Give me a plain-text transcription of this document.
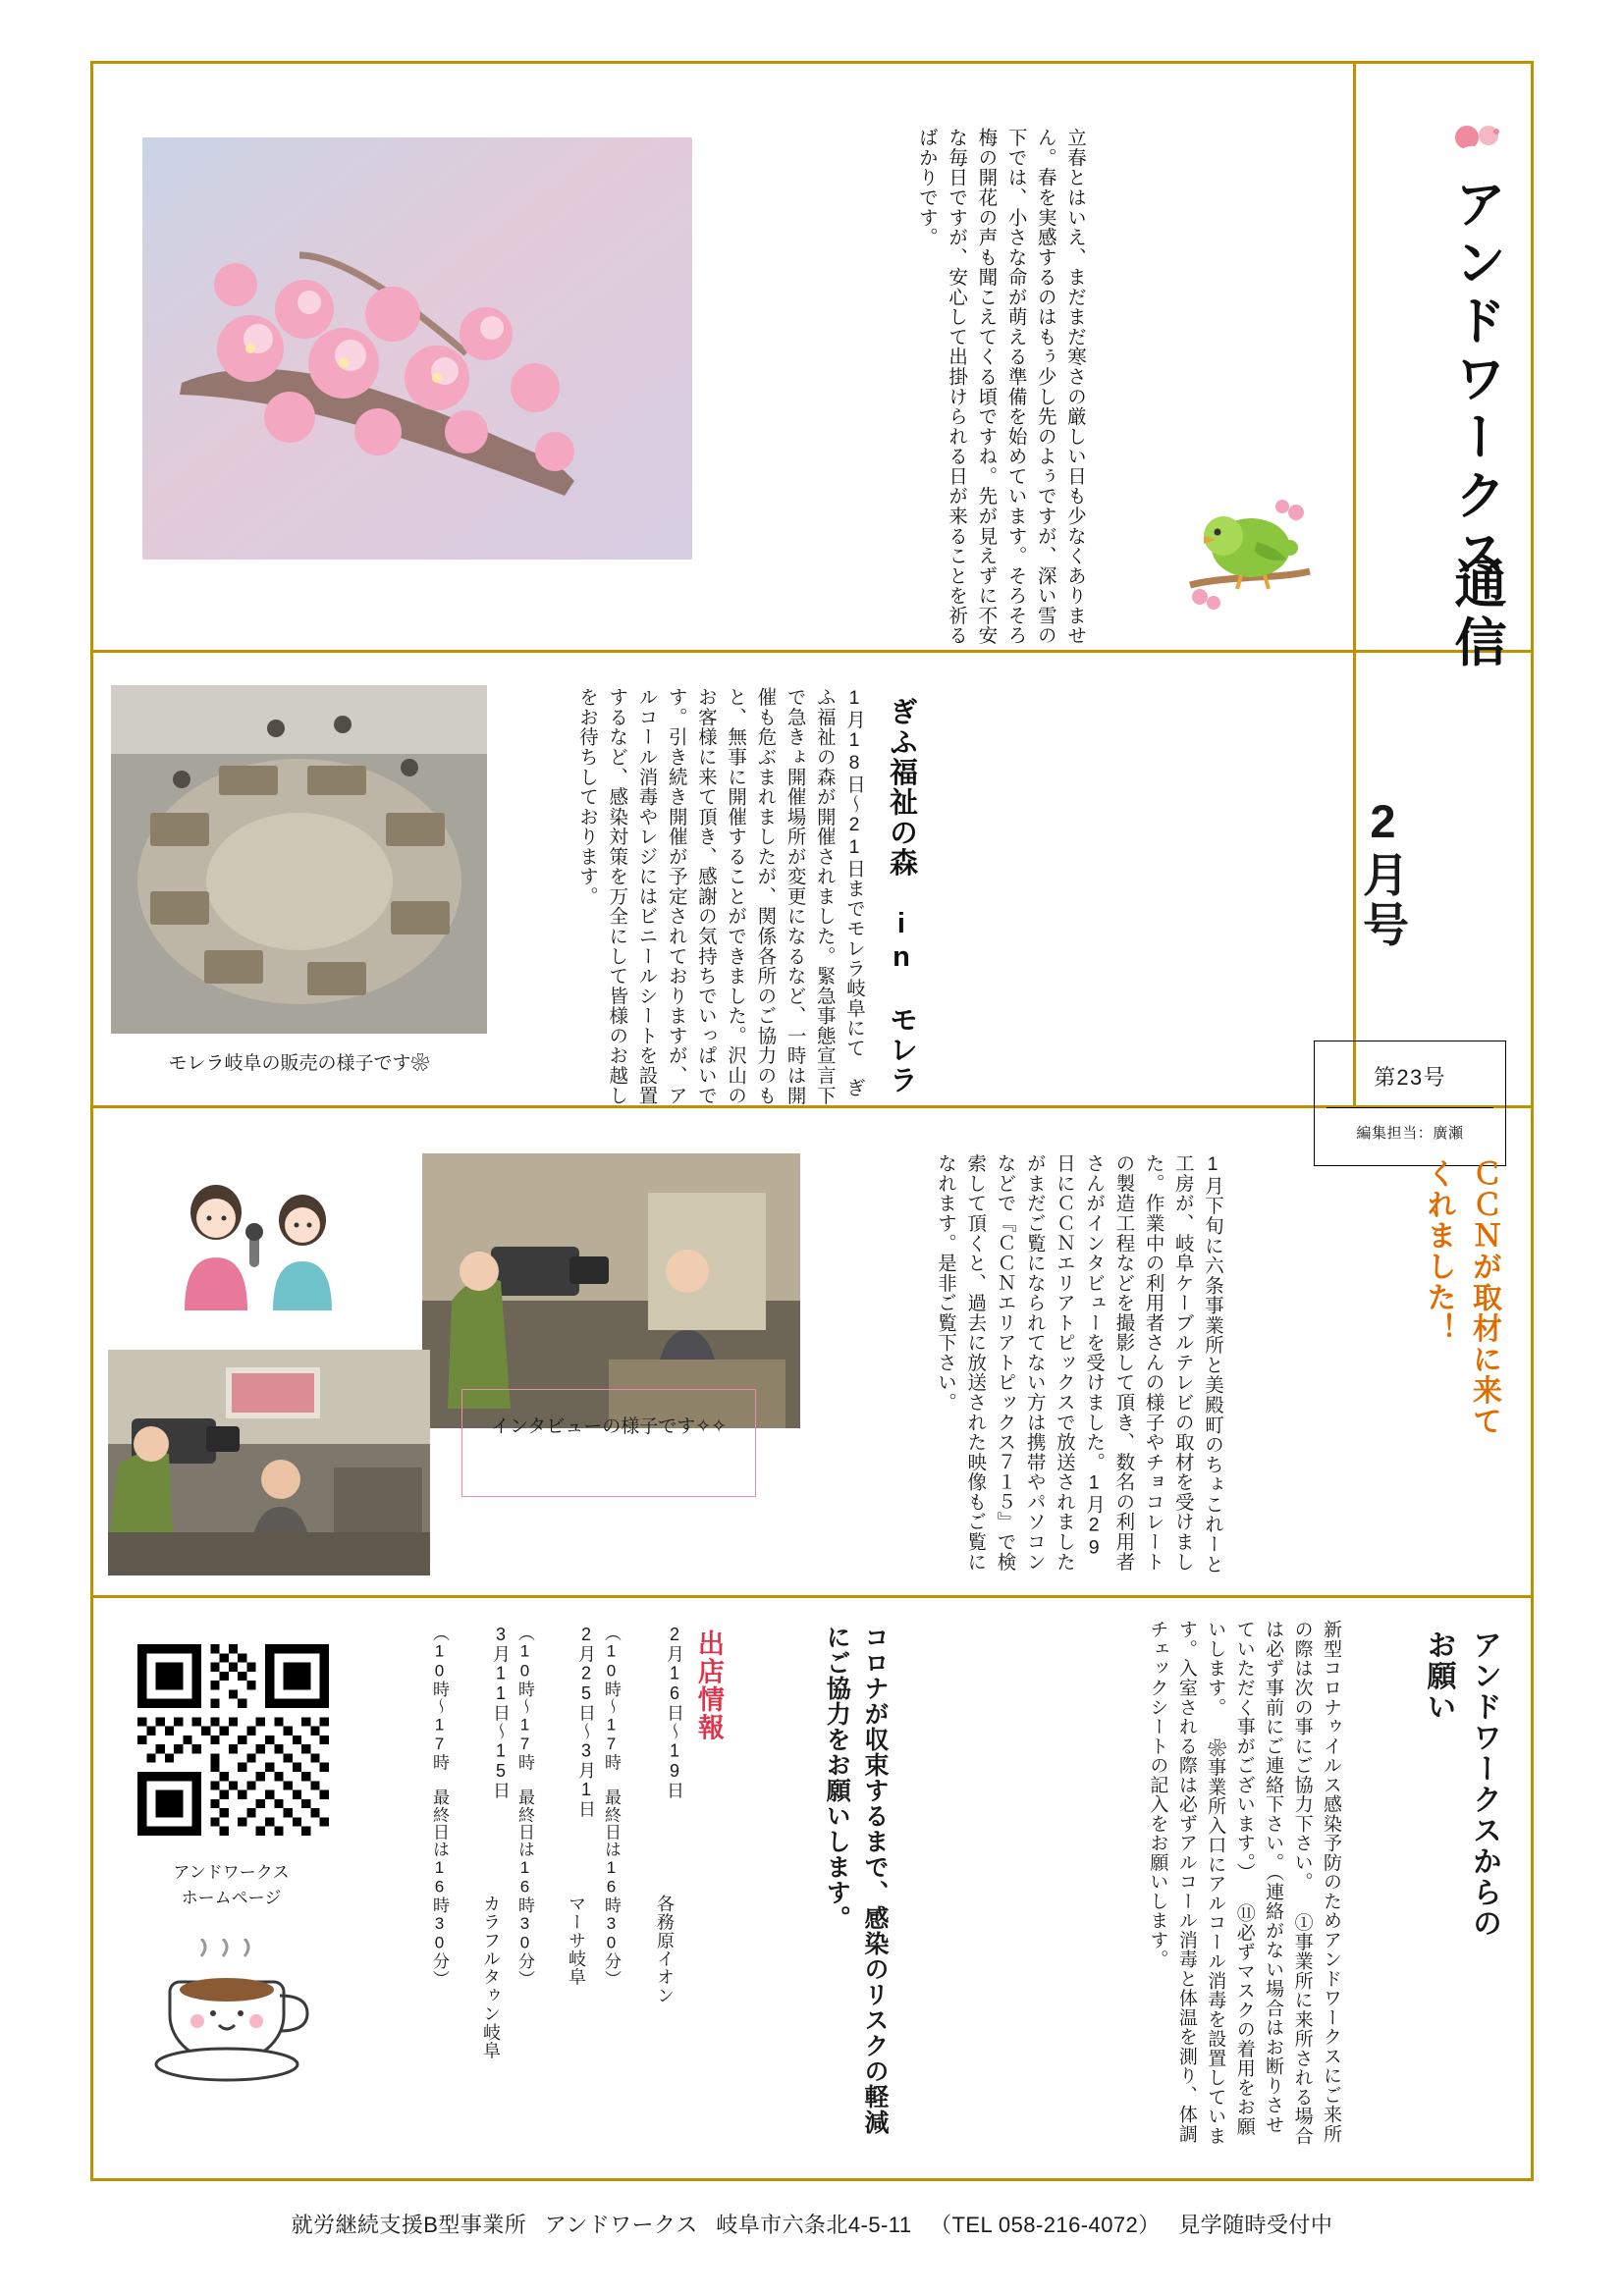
アンドワークス
通信
2月号
第23号
編集担当：廣瀬
立春とはいえ、まだまだ寒さの厳しい日も少なくありません。春を実感するのはもぅ少し先のよぅですが、深い雪の下では、小さな命が萌える準備を始めています。そろそろ梅の開花の声も聞こえてくる頃ですね。先が見えずに不安な毎日ですが、安心して出掛けられる日が来ることを祈るばかりです。
ぎふ福祉の森　in　モレラ
1月18日～21日までモレラ岐阜にて　ぎふ福祉の森が開催されました。緊急事態宣言下で急きょ開催場所が変更になるなど、一時は開催も危ぶまれましたが、関係各所のご協力のもと、無事に開催することができました。沢山のお客様に来て頂き、感謝の気持ちでいっぱいです。引き続き開催が予定されておりますが、アルコール消毒やレジにはビニールシートを設置するなど、感染対策を万全にして皆様のお越しをお待ちしております。
モレラ岐阜の販売の様子です❀
ＣＣＮが取材に来てくれました！
1月下旬に六条事業所と美殿町のちょこれーと工房が、岐阜ケーブルテレビの取材を受けました。作業中の利用者さんの様子やチョコレートの製造工程などを撮影して頂き、数名の利用者さんがインタビューを受けました。1月29日にＣＣＮエリアトピックスで放送されましたがまだご覧になられてない方は携帯やパソコンなどで『ＣＣＮエリアトピックス７１５』で検索して頂くと、過去に放送された映像もご覧になれます。是非ご覧下さい。
インタビューの様子です✧✧
アンドワークスからのお願い
新型コロナゥイルス感染予防のためアンドワークスにご来所の際は次の事にご協力下さい。 ①事業所に来所される場合は必ず事前にご連絡下さい。（連絡がない場合はお断りさせていただく事がございます。） ⑪必ずマスクの着用をお願いします。 ❀事業所入口にアルコール消毒を設置しています。入室される際は必ずアルコール消毒と体温を測り、体調チェックシートの記入をお願いします。
コロナが収束するまで、感染のリスクの軽減にご協力をお願いします。
出店情報
2月16日～19日
（10時～17時　最終日は16時30分）	各務原イオン
2月25日～3月1日
（10時～17時　最終日は16時30分）	マーサ岐阜
3月11日～15日
（10時～17時　最終日は16時30分）	カラフルタゥン岐阜
アンドワークス
ホームページ
就労継続支援B型事業所 アンドワークス 岐阜市六条北4-5-11 （TEL 058-216-4072） 見学随時受付中
